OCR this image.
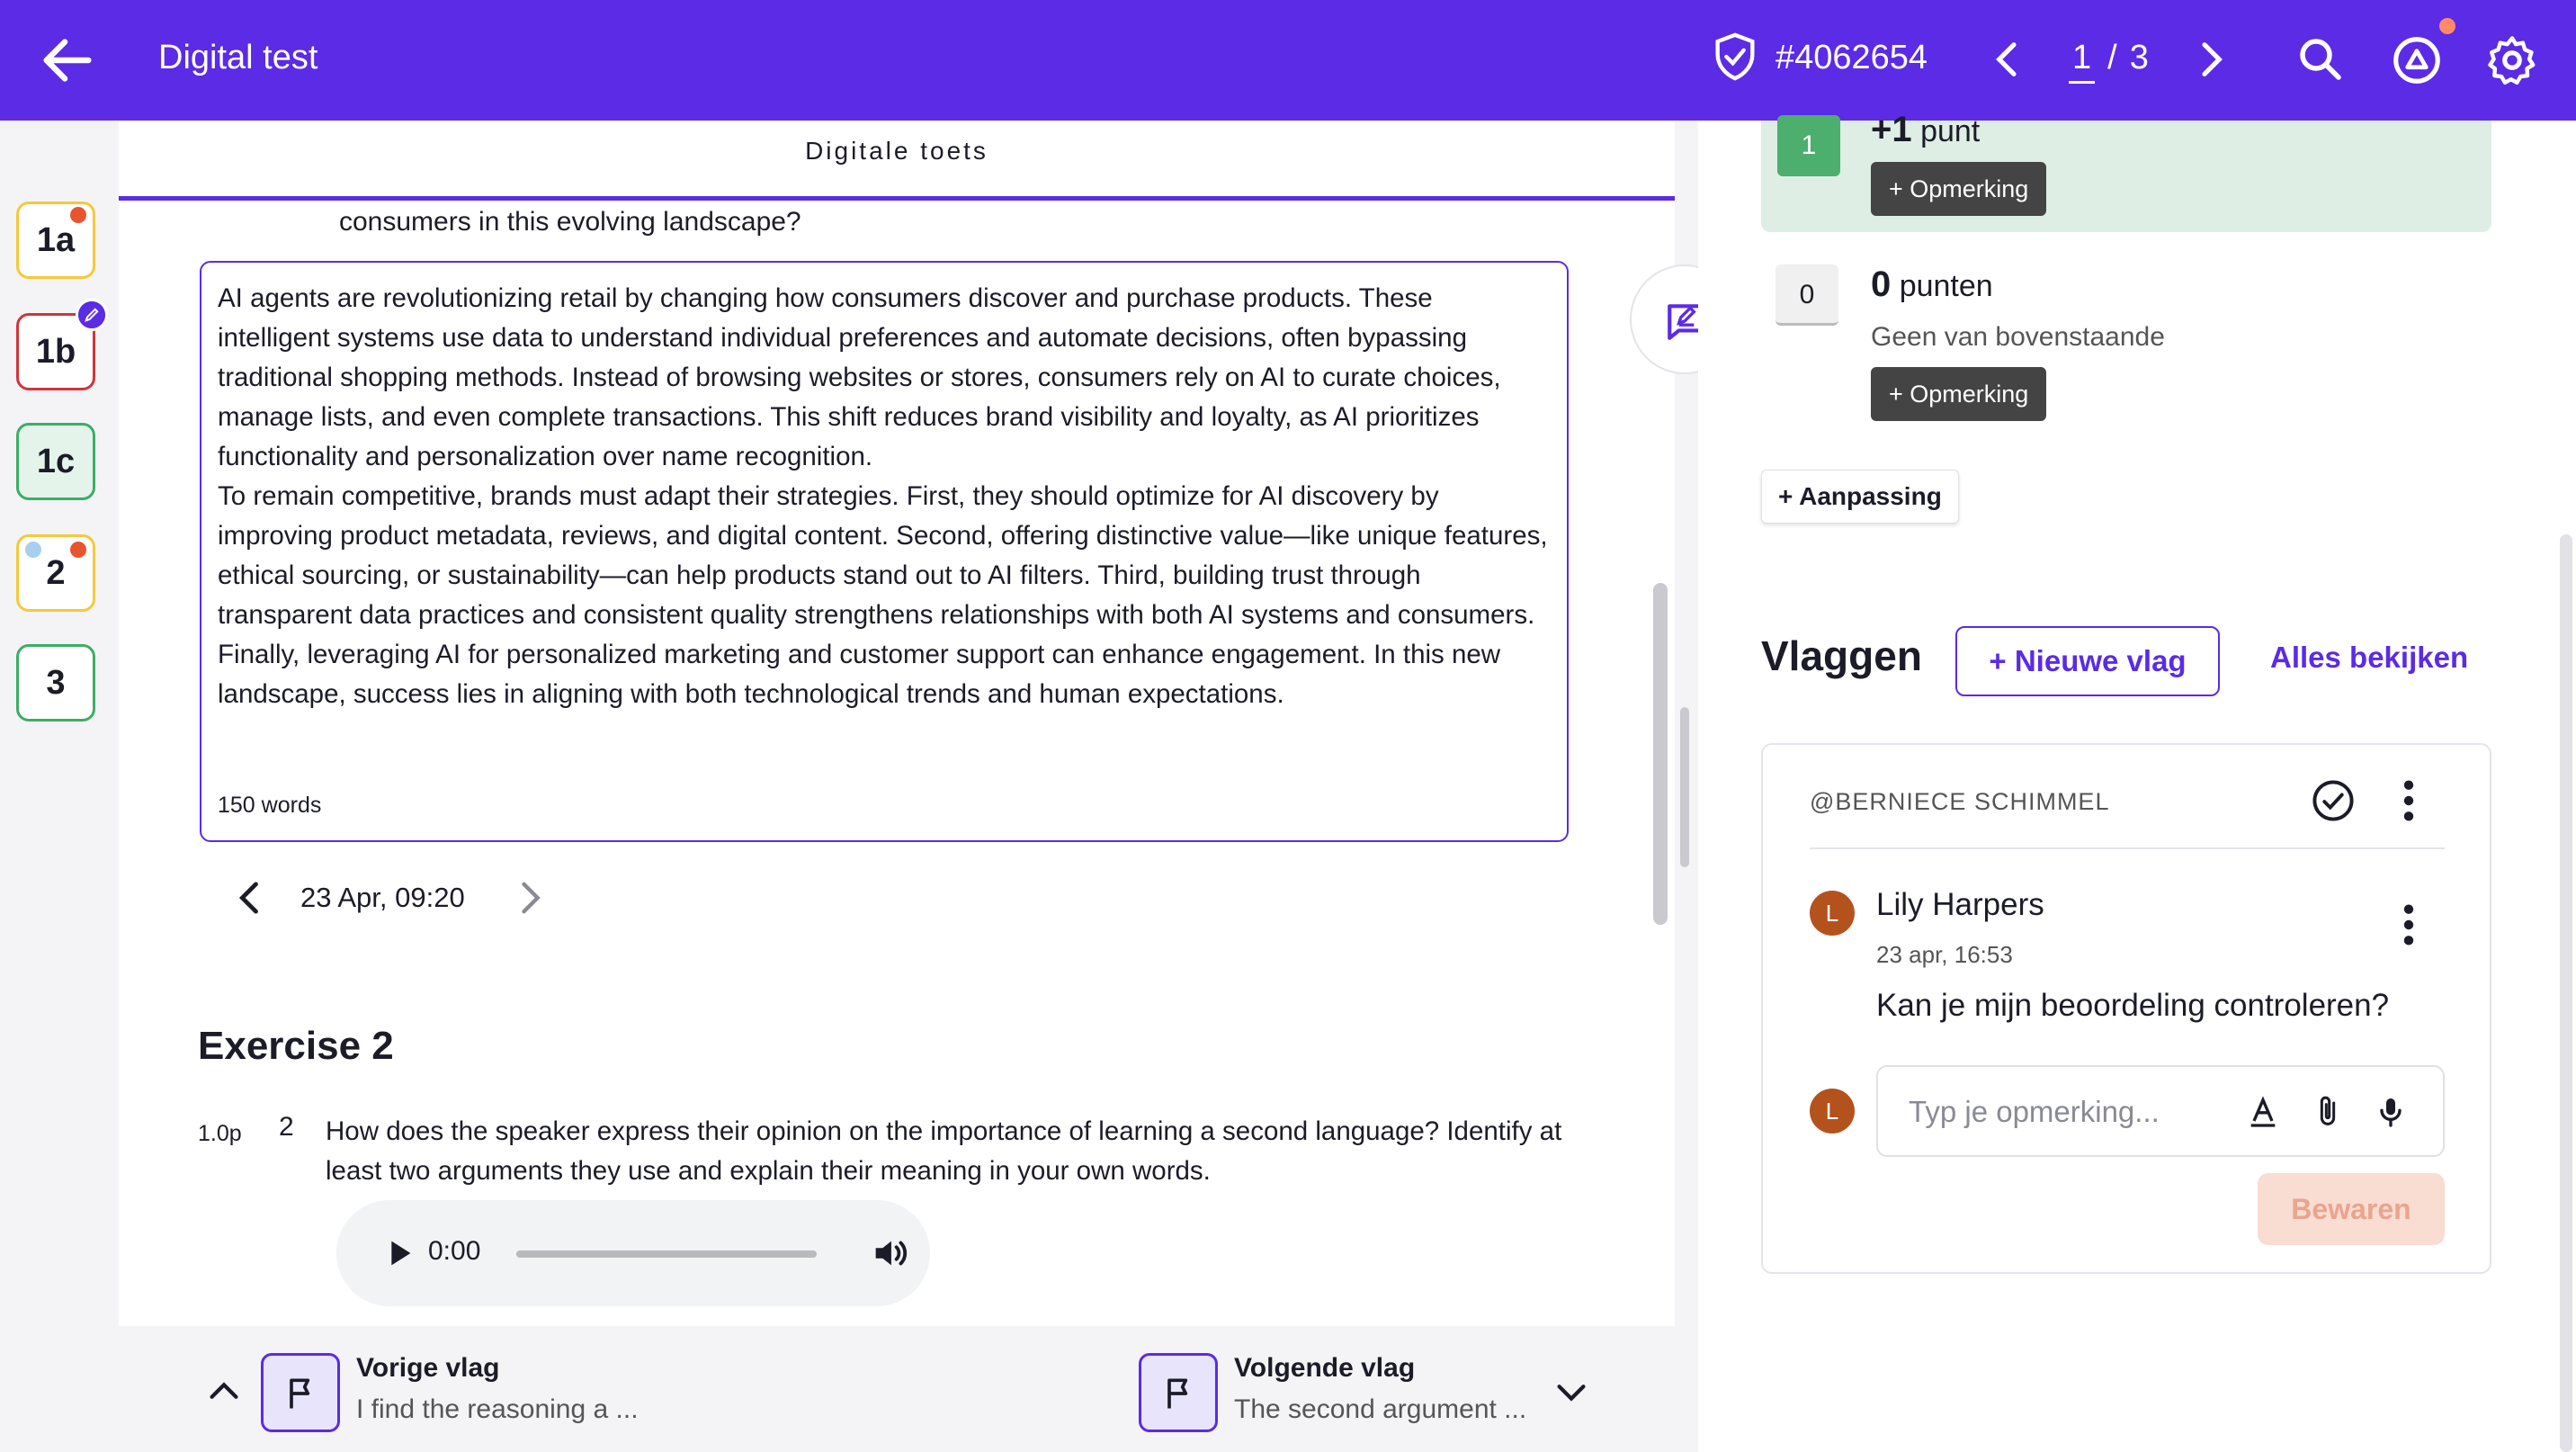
Digital test	#4062654	1 / 3
1a
1b
1c
2
3
Digitale toets
consumers in this evolving landscape?

AI agents are revolutionizing retail by changing how consumers discover and purchase products. These intelligent systems use data to understand individual preferences and automate decisions, often bypassing traditional shopping methods. Instead of browsing websites or stores, consumers rely on AI to curate choices, manage lists, and even complete transactions. This shift reduces brand visibility and loyalty, as AI prioritizes functionality and personalization over name recognition.

To remain competitive, brands must adapt their strategies. First, they should optimize for AI discovery by improving product metadata, reviews, and digital content. Second, offering distinctive value—like unique features, ethical sourcing, or sustainability—can help products stand out to AI filters. Third, building trust through transparent data practices and consistent quality strengthens relationships with both AI systems and consumers. Finally, leveraging AI for personalized marketing and customer support can enhance engagement. In this new landscape, success lies in aligning with both technological trends and human expectations.

150 words
23 Apr, 09:20
Exercise 2
1.0p 2 How does the speaker express their opinion on the importance of learning a second language? Identify at least two arguments they use and explain their meaning in your own words.
0:00
Vorige vlag
I find the reasoning a ...
Volgende vlag
The second argument ...
1	+1 punt
+ Opmerking
0	0 punten
Geen van bovenstaande
+ Opmerking
+ Aanpassing
Vlaggen	+ Nieuwe vlag	Alles bekijken
@BERNIECE SCHIMMEL
L	Lily Harpers
23 apr, 16:53
Kan je mijn beoordeling controleren?
L
Typ je opmerking...
Bewaren
